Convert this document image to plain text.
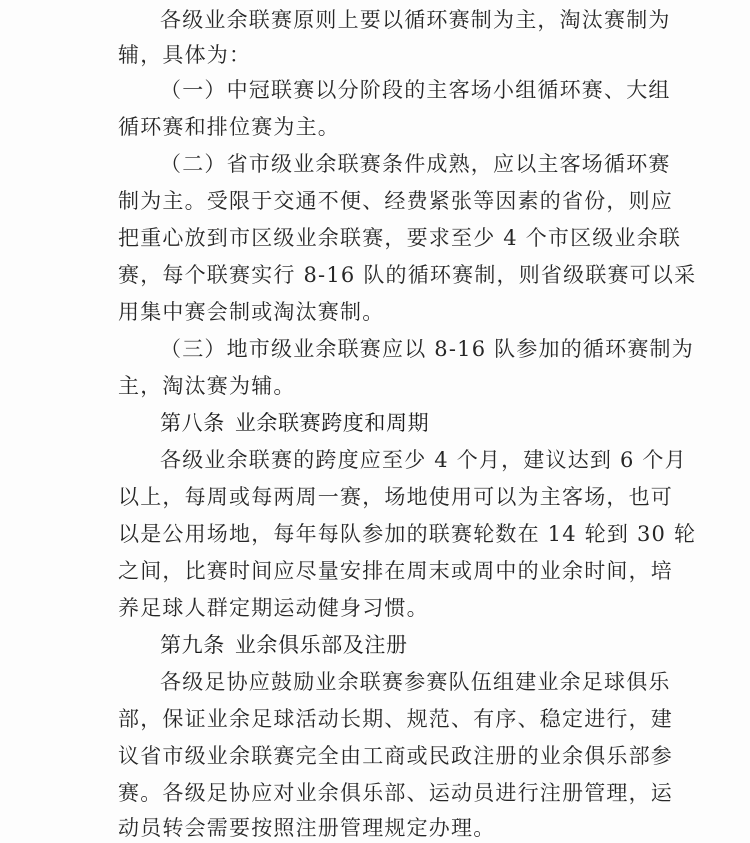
各级业余联赛原则上要以循环赛制为主，淘汰赛制为
辅，具体为：
（一）中冠联赛以分阶段的主客场小组循环赛、大组
循环赛和排位赛为主。
（二）省市级业余联赛条件成熟，应以主客场循环赛
制为主。受限于交通不便、经费紧张等因素的省份，则应
把重心放到市区级业余联赛，要求至少 4 个市区级业余联
赛，每个联赛实行 8-16 队的循环赛制，则省级联赛可以采
用集中赛会制或淘汰赛制。
（三）地市级业余联赛应以 8-16 队参加的循环赛制为
主，淘汰赛为辅。
第八条 业余联赛跨度和周期
各级业余联赛的跨度应至少 4 个月，建议达到 6 个月
以上，每周或每两周一赛，场地使用可以为主客场，也可
以是公用场地，每年每队参加的联赛轮数在 14 轮到 30 轮
之间，比赛时间应尽量安排在周末或周中的业余时间，培
养足球人群定期运动健身习惯。
第九条 业余俱乐部及注册
各级足协应鼓励业余联赛参赛队伍组建业余足球俱乐
部，保证业余足球活动长期、规范、有序、稳定进行，建
议省市级业余联赛完全由工商或民政注册的业余俱乐部参
赛。各级足协应对业余俱乐部、运动员进行注册管理，运
动员转会需要按照注册管理规定办理。
